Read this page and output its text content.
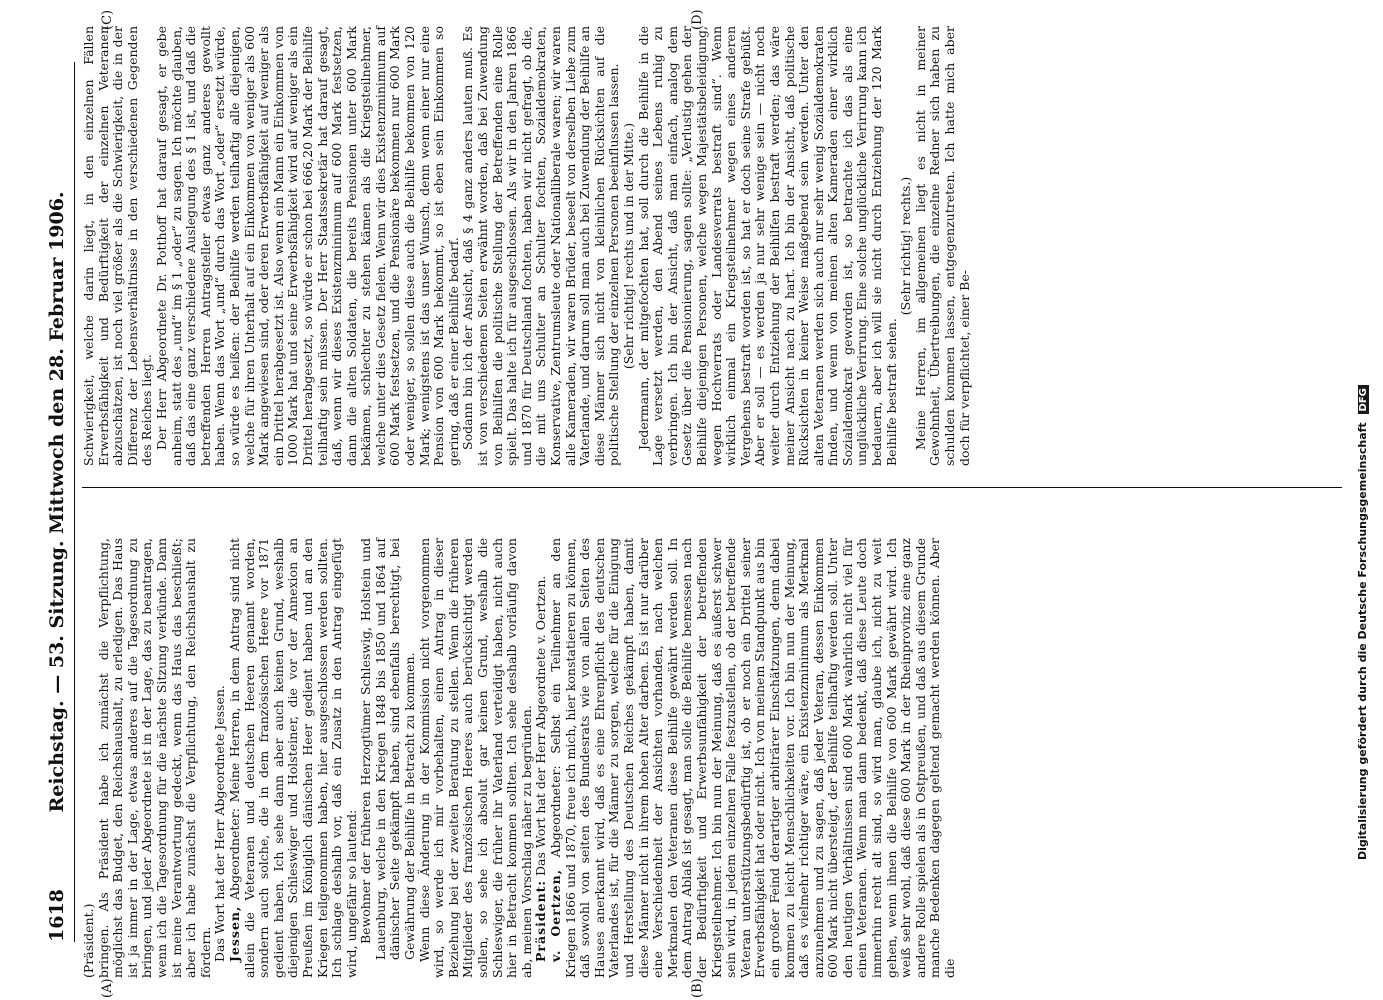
1618
Reichstag. — 53. Sitzung. Mittwoch den 28. Februar 1906.
(A)	(B)
(C)	(D)

(Präsident.) bringen. Als Präsident habe ich zunächst die Verpflichtung, möglichst das Budget, den Reichshaushalt, zu erledigen. Das Haus ist ja immer in der Lage, etwas anderes auf die Tagesordnung zu bringen, und jeder Abgeordnete ist in der Lage, das zu beantragen, wenn ich die Tagesordnung für die nächste Sitzung verkünde. Dann ist meine Verantwortung gedeckt, wenn das Haus das beschließt; aber ich habe zunächst die Verpflichtung, den Reichshaushalt zu fördern. Das Wort hat der Herr Abgeordnete Jessen. Jessen, Abgeordneter: Meine Herren, in dem Antrag sind nicht allein die Veteranen und deutschen Heeren genannt worden, sondern auch solche, die in dem französischen Heere vor 1871 gedient haben. Ich sehe dann aber auch keinen Grund, weshalb diejenigen Schleswiger und Holsteiner, die vor der Annexion an Preußen im Königlich dänischen Heer gedient haben und an den Kriegen teilgenommen haben, hier ausgeschlossen werden sollten. Ich schlage deshalb vor, daß ein Zusatz in den Antrag eingefügt wird, ungefähr so lautend: Bewohner der früheren Herzogtümer Schleswig, Holstein und Lauenburg, welche in den Kriegen 1848 bis 1850 und 1864 auf dänischer Seite gekämpft haben, sind ebenfalls berechtigt, bei Gewährung der Beihilfe in Betracht zu kommen. Wenn diese Änderung in der Kommission nicht vorgenommen wird, so werde ich mir vorbehalten, einen Antrag in dieser Beziehung bei der zweiten Beratung zu stellen. Wenn die früheren Mitglieder des französischen Heeres auch berücksichtigt werden sollen, so sehe ich absolut gar keinen Grund, weshalb die Schleswiger, die früher ihr Vaterland verteidigt haben, nicht auch hier in Betracht kommen sollten. Ich sehe deshalb vorläufig davon ab, meinen Vorschlag näher zu begründen. Präsident: Das Wort hat der Herr Abgeordnete v. Oertzen.

v. Oertzen, Abgeordneter: Selbst ein Teilnehmer an den Kriegen 1866 und 1870, freue ich mich, hier konstatieren zu können, daß sowohl von seiten des Bundesrats wie von allen Seiten des Hauses anerkannt wird, daß es eine Ehrenpflicht des deutschen Vaterlandes ist, für die Männer zu sorgen, welche für die Einigung und Herstellung des Deutschen Reiches gekämpft haben, damit diese Männer nicht in ihrem hohen Alter darben. Es ist nur darüber eine Verschiedenheit der Ansichten vorhanden, nach welchen Merkmalen den Veteranen diese Beihilfe gewährt werden soll. In dem Antrag Ablaß ist gesagt, man solle die Beihilfe bemessen nach der Bedürftigkeit und Erwerbsunfähigkeit der betreffenden Kriegsteilnehmer. Ich bin nun der Meinung, daß es äußerst schwer sein wird, in jedem einzelnen Falle festzustellen, ob der betreffende Veteran unterstützungsbedürftig ist, ob er noch ein Drittel seiner Erwerbsfähigkeit hat oder nicht. Ich von meinem Standpunkt aus bin ein großer Feind derartiger arbiträrer Einschätzungen, denn dabei kommen zu leicht Menschlichkeiten vor. Ich bin nun der Meinung, daß es vielmehr richtiger wäre, ein Existenzminimum als Merkmal anzunehmen und zu sagen, daß jeder Veteran, dessen Einkommen 600 Mark nicht übersteigt, der Beihilfe teilhaftig werden soll. Unter den heutigen Verhältnissen sind 600 Mark wahrlich nicht viel für einen Veteranen. Wenn man dann bedenkt, daß diese Leute doch immerhin recht alt sind, so wird man, glaube ich, nicht zu weit gehen, wenn ihnen die Beihilfe von 600 Mark gewährt wird. Ich weiß sehr wohl, daß diese 600 Mark in der Rheinprovinz eine ganz andere Rolle spielen als in Ostpreußen, und daß aus diesem Grunde manche Bedenken dagegen geltend gemacht werden können. Aber die

Schwierigkeit, welche darin liegt, in den einzelnen Fällen Erwerbsfähigkeit und Bedürftigkeit der einzelnen Veteranen abzuschätzen, ist noch viel größer als die Schwierigkeit, die in der Differenz der Lebensverhältnisse in den verschiedenen Gegenden des Reiches liegt. Der Herr Abgeordnete Dr. Potthoff hat darauf gesagt, er gebe anheim, statt des „und“ im § 1 „oder“ zu sagen. Ich möchte glauben, daß das eine ganz verschiedene Auslegung des § 1 ist, und daß die betreffenden Herren Antragsteller etwas ganz anderes gewollt haben. Wenn das Wort „und“ durch das Wort „oder“ ersetzt würde, so würde es heißen: der Beihilfe werden teilhaftig alle diejenigen, welche für ihren Unterhalt auf ein Einkommen von weniger als 600 Mark angewiesen sind, oder deren Erwerbsfähigkeit auf weniger als ein Drittel herabgesetzt ist. Also wenn ein Mann ein Einkommen von 1000 Mark hat und seine Erwerbsfähigkeit wird auf weniger als ein Drittel herabgesetzt, so würde er schon bei 666,20 Mark der Beihilfe teilhaftig sein müssen. Der Herr Staatssekretär hat darauf gesagt, daß, wenn wir dieses Existenzminimum auf 600 Mark festsetzen, dann die alten Soldaten, die bereits Pensionen unter 600 Mark bekämen, schlechter zu stehen kämen als die Kriegsteilnehmer, welche unter dies Gesetz fielen. Wenn wir dies Existenzminimum auf 600 Mark festsetzen, und die Pensionäre bekommen nur 600 Mark oder weniger, so sollen diese auch die Beihilfe bekommen von 120 Mark; wenigstens ist das unser Wunsch, denn wenn einer nur eine Pension von 600 Mark bekommt, so ist eben sein Einkommen so gering, daß er einer Beihilfe bedarf. Sodann bin ich der Ansicht, daß § 4 ganz anders lauten muß. Es ist von verschiedenen Seiten erwähnt worden, daß bei Zuwendung von Beihilfen die politische Stellung der Betreffenden eine Rolle spielt. Das halte ich für ausgeschlossen. Als wir in den Jahren 1866 und 1870 für Deutschland fochten, haben wir nicht gefragt, ob die, die mit uns Schulter an Schulter fochten, Sozialdemokraten, Konservative, Zentrumsleute oder Nationalliberale waren; wir waren alle Kameraden, wir waren Brüder, beseelt von derselben Liebe zum Vaterlande, und darum soll man auch bei Zuwendung der Beihilfe an diese Männer sich nicht von kleinlichen Rücksichten auf die politische Stellung der einzelnen Personen beeinflussen lassen. (Sehr richtig! rechts und in der Mitte.) Jedermann, der mitgefochten hat, soll durch die Beihilfe in die Lage versetzt werden, den Abend seines Lebens ruhig zu verbringen. Ich bin der Ansicht, daß man einfach, analog dem Gesetz über die Pensionierung, sagen sollte: „Verlustig gehen der Beihilfe diejenigen Personen, welche wegen Majestätsbeleidigung, wegen Hochverrats oder Landesverrats bestraft sind“. Wenn wirklich einmal ein Kriegsteilnehmer wegen eines anderen Vergehens bestraft worden ist, so hat er doch seine Strafe gebüßt. Aber er soll — es werden ja nur sehr wenige sein — nicht noch weiter durch Entziehung der Beihilfen bestraft werden; das wäre meiner Ansicht nach zu hart. Ich bin der Ansicht, daß politische Rücksichten in keiner Weise maßgebend sein werden. Unter den alten Veteranen werden sich auch nur sehr wenig Sozialdemokraten finden, und wenn von meinen alten Kameraden einer wirklich Sozialdemokrat geworden ist, so betrachte ich das als eine unglückliche Verirrung. Eine solche unglückliche Verirrung kann ich bedauern, aber ich will sie nicht durch Entziehung der 120 Mark Beihilfe bestraft sehen.

(Sehr richtig! rechts.) Meine Herren, im allgemeinen liegt es nicht in meiner Gewohnheit, Übertreibungen, die einzelne Redner sich haben zu schulden kommen lassen, entgegenzutreten. Ich hatte mich aber doch für verpflichtet, einer Be-

Digitalisierung gefördert durch die Deutsche Forschungsgemeinschaft DFG
